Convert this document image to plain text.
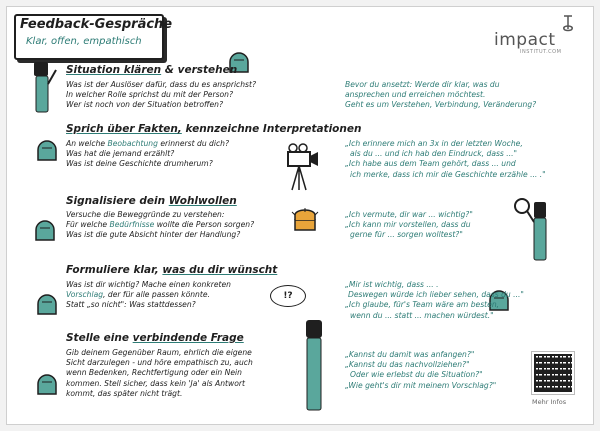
Feedback-Gespräche
Klar, offen, empathisch	impact
INSTITUT.COM
!?
Situation klären & verstehen
Was ist der Auslöser dafür, dass du es ansprichst?
In welcher Rolle sprichst du mit der Person?
Wer ist noch von der Situation betroffen?
Bevor du ansetzt: Werde dir klar, was du
ansprechen und erreichen möchtest.
Geht es um Verstehen, Verbindung, Veränderung?
Sprich über Fakten, kennzeichne Interpretationen
An welche Beobachtung erinnerst du dich?
Was hat die jemand erzählt?
Was ist deine Geschichte drumherum?
„Ich erinnere mich an 3x in der letzten Woche,
als du ... und ich hab den Eindruck, dass ..."
„Ich habe aus dem Team gehört, dass ... und
ich merke, dass ich mir die Geschichte erzähle ... ."
Signalisiere dein Wohlwollen
Versuche die Beweggründe zu verstehen:
Für welche Bedürfnisse wollte die Person sorgen?
Was ist die gute Absicht hinter der Handlung?
„Ich vermute, dir war ... wichtig?"
„Ich kann mir vorstellen, dass du
gerne für ... sorgen wolltest?"
Formuliere klar, was du dir wünscht
Was ist dir wichtig? Mache einen konkreten
Vorschlag, der für alle passen könnte.
Statt „so nicht": Was stattdessen?
„Mir ist wichtig, dass ... .
Deswegen würde ich lieber sehen, dass du ..."
„Ich glaube, für's Team wäre am besten,
wenn du ... statt ... machen würdest."
Stelle eine verbindende Frage
Gib deinem Gegenüber Raum, ehrlich die eigene
Sicht darzulegen - und höre empathisch zu, auch
wenn Bedenken, Rechtfertigung oder ein Nein
kommen. Stell sicher, dass kein 'Ja' als Antwort
kommt, das später nicht trägt.
„Kannst du damit was anfangen?"
„Kannst du das nachvollziehen?"
Oder wie erlebst du die Situation?"
„Wie geht's dir mit meinem Vorschlag?"
Mehr Infos
